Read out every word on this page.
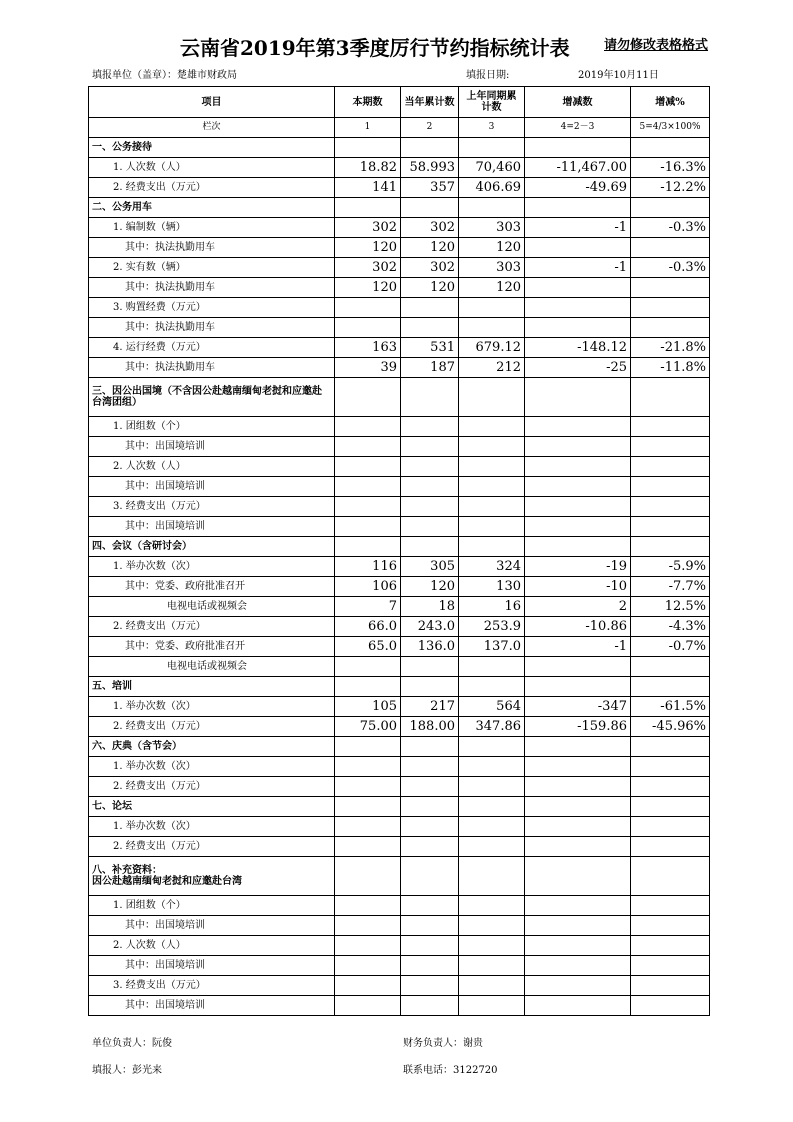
云南省2019年第3季度厉行节约指标统计表	请勿修改表格格式
填报单位（盖章）：楚雄市财政局	填报日期:	2019年10月11日
项目	本期数	当年累计数	上年同期累计数	增减数	增减%
栏次	1	2	3	4=2－3	5=4/3×100%
一、公务接待					
1. 人次数（人）	18.82	58.993	70,460	-11,467.00	-16.3%
2. 经费支出（万元）	141	357	406.69	-49.69	-12.2%
二、公务用车					
1. 编制数（辆）	302	302	303	-1	-0.3%
其中：执法执勤用车	120	120	120		
2. 实有数（辆）	302	302	303	-1	-0.3%
其中：执法执勤用车	120	120	120		
3. 购置经费（万元）					
其中：执法执勤用车					
4. 运行经费（万元）	163	531	679.12	-148.12	-21.8%
其中：执法执勤用车	39	187	212	-25	-11.8%
三、因公出国境（不含因公赴越南缅甸老挝和应邀赴台湾团组）					
1. 团组数（个）					
其中：出国境培训					
2. 人次数（人）					
其中：出国境培训					
3. 经费支出（万元）					
其中：出国境培训					
四、会议（含研讨会）					
1. 举办次数（次）	116	305	324	-19	-5.9%
其中：党委、政府批准召开	106	120	130	-10	-7.7%
电视电话或视频会	7	18	16	2	12.5%
2. 经费支出（万元）	66.0	243.0	253.9	-10.86	-4.3%
其中：党委、政府批准召开	65.0	136.0	137.0	-1	-0.7%
电视电话或视频会					
五、培训					
1. 举办次数（次）	105	217	564	-347	-61.5%
2. 经费支出（万元）	75.00	188.00	347.86	-159.86	-45.96%
六、庆典（含节会）					
1. 举办次数（次）					
2. 经费支出（万元）					
七、论坛					
1. 举办次数（次）					
2. 经费支出（万元）					
八、补充资料：
因公赴越南缅甸老挝和应邀赴台湾					
1. 团组数（个）					
其中：出国境培训					
2. 人次数（人）					
其中：出国境培训					
3. 经费支出（万元）					
其中：出国境培训					
单位负责人：阮俊	财务负责人：谢贵
填报人：彭光来	联系电话：3122720
